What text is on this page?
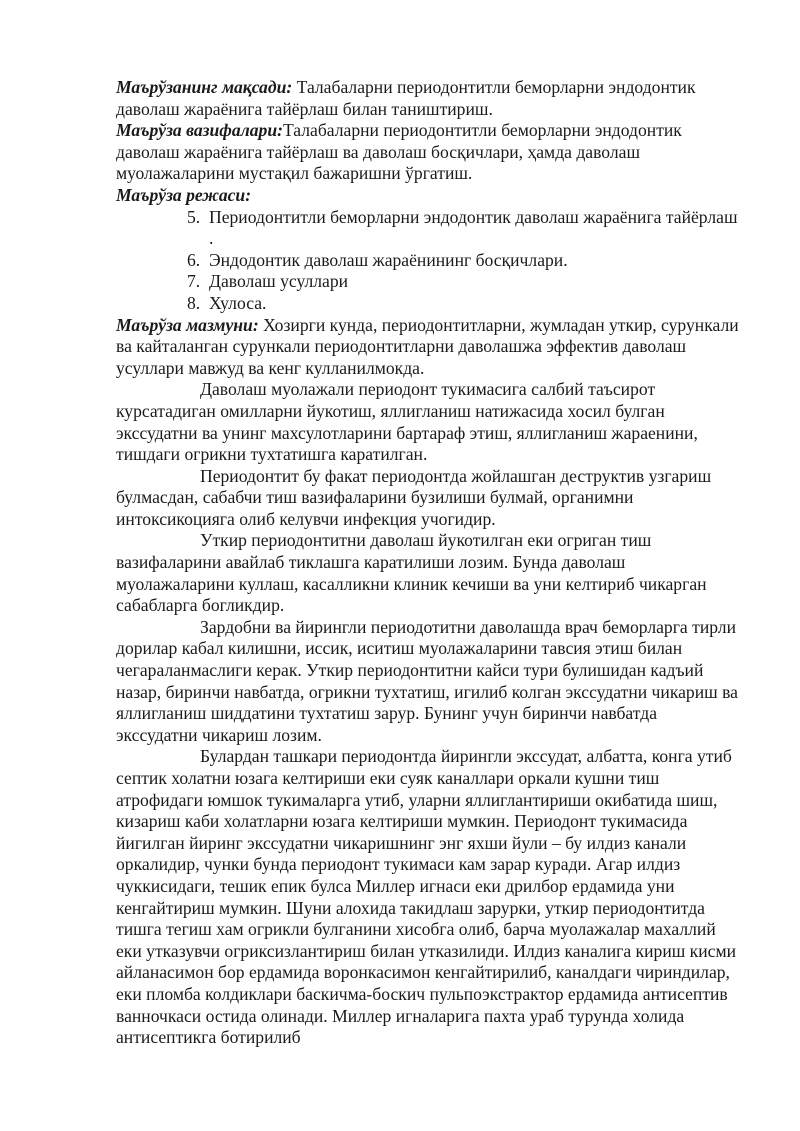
Маърўзанинг мақсади: Талабаларни периодонтитли беморларни эндодонтик даволаш жараёнига тайёрлаш билан таништириш.

Маърўза вазифалари:Талабаларни периодонтитли беморларни эндодонтик даволаш жараёнига тайёрлаш ва даволаш босқичлари, ҳамда даволаш муолажаларини мустақил бажаришни ўргатиш.

Маърўза режаси:

1. 5. Периодонтитли беморларни эндодонтик даволаш жараёнига тайёрлаш .
2. 6. Эндодонтик даволаш жараёнининг босқичлари.
3. 7. Даволаш усуллари
4. 8. Хулоса.

Маърўза мазмуни: Хозирги кунда, периодонтитларни, жумладан уткир, сурункали ва кайталанган сурункали периодонтитларни даволашжа эффектив даволаш усуллари мавжуд ва кенг кулланилмокда.

Даволаш муолажали периодонт тукимасига салбий таъсирот курсатадиган омилларни йукотиш, яллигланиш натижасида хосил булган экссудатни ва унинг махсулотларини бартараф этиш, яллигланиш жараенини, тишдаги огрикни тухтатишга каратилган.

Периодонтит бу факат периодонтда жойлашган деструктив узгариш булмасдан, сабабчи тиш вазифаларини бузилиши булмай, органимни интоксикоцияга олиб келувчи инфекция учогидир.

Уткир периодонтитни даволаш йукотилган еки огриган тиш вазифаларини авайлаб тиклашга каратилиши лозим. Бунда даволаш муолажаларини куллаш, касалликни клиник кечиши ва уни келтириб чикарган сабабларга богликдир.

Зардобни ва йирингли периодотитни даволашда врач беморларга тирли дорилар кабал килишни, иссик, иситиш муолажаларини тавсия этиш билан чегараланмаслиги керак. Уткир периодонтитни кайси тури булишидан кадъий назар, биринчи навбатда, огрикни тухтатиш, игилиб колган экссудатни чикариш ва яллигланиш шиддатини тухтатиш зарур. Бунинг учун биринчи навбатда экссудатни чикариш лозим.

Булардан ташкари периодонтда йирингли экссудат, албатта, конга утиб септик холатни юзага келтириши еки суяк каналлари оркали кушни тиш атрофидаги юмшок тукималарга утиб, уларни яллиглантириши окибатида шиш, кизариш каби холатларни юзага келтириши мумкин. Периодонт тукимасида йигилган йиринг экссудатни чикаришнинг энг яхши йули – бу илдиз канали оркалидир, чунки бунда периодонт тукимаси кам зарар куради. Агар илдиз чуккисидаги, тешик епик булса Миллер игнаси еки дрилбор ердамида уни кенгайтириш мумкин. Шуни алохида такидлаш зарурки, уткир периодонтитда тишга тегиш хам огрикли булганини хисобга олиб, барча муолажалар махаллий еки утказувчи огриксизлантириш билан утказилиди. Илдиз каналига кириш кисми айланасимон бор ердамида воронкасимон кенгайтирилиб, каналдаги чириндилар, еки пломба колдиклари баскичма-боскич пульпоэкстрактор ердамида антисептив ванночкаси остида олинади. Миллер игналарига пахта ураб турунда холида антисептикга ботирилиб
